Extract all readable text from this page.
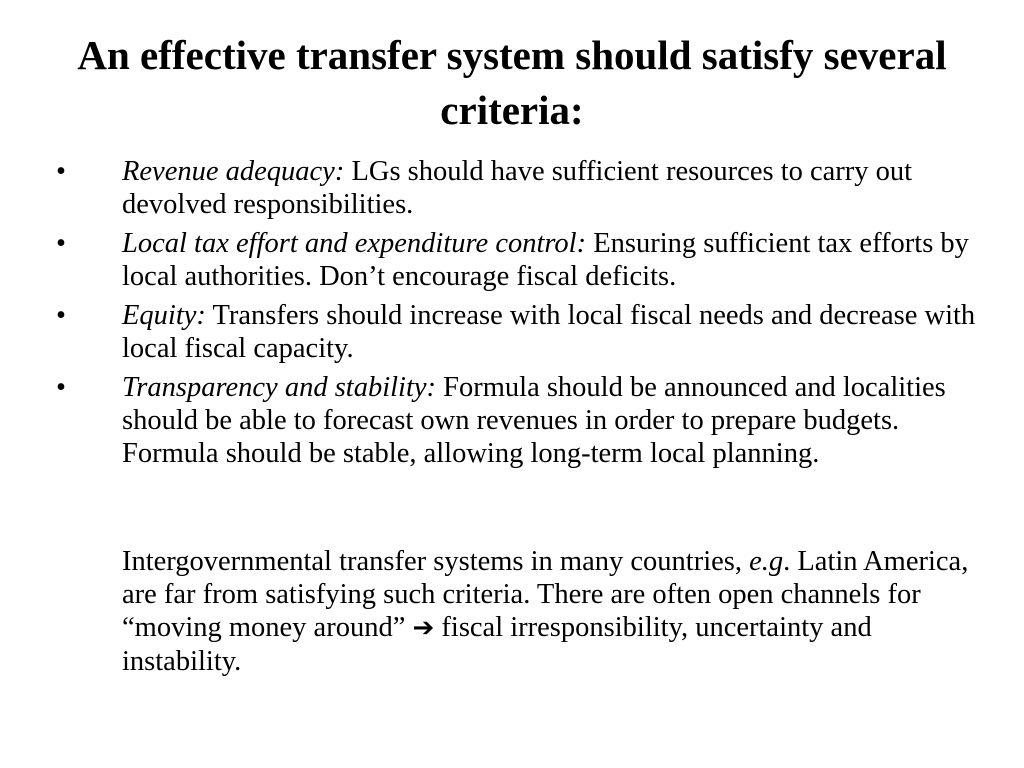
An effective transfer system should satisfy several criteria:
• Revenue adequacy: LGs should have sufficient resources to carry out devolved responsibilities.
• Local tax effort and expenditure control: Ensuring sufficient tax efforts by local authorities. Don’t encourage fiscal deficits.
• Equity: Transfers should increase with local fiscal needs and decrease with local fiscal capacity.
• Transparency and stability: Formula should be announced and localities should be able to forecast own revenues in order to prepare budgets. Formula should be stable, allowing long-term local planning.

Intergovernmental transfer systems in many countries, e.g. Latin America, are far from satisfying such criteria. There are often open channels for “moving money around” ➔ fiscal irresponsibility, uncertainty and instability.
